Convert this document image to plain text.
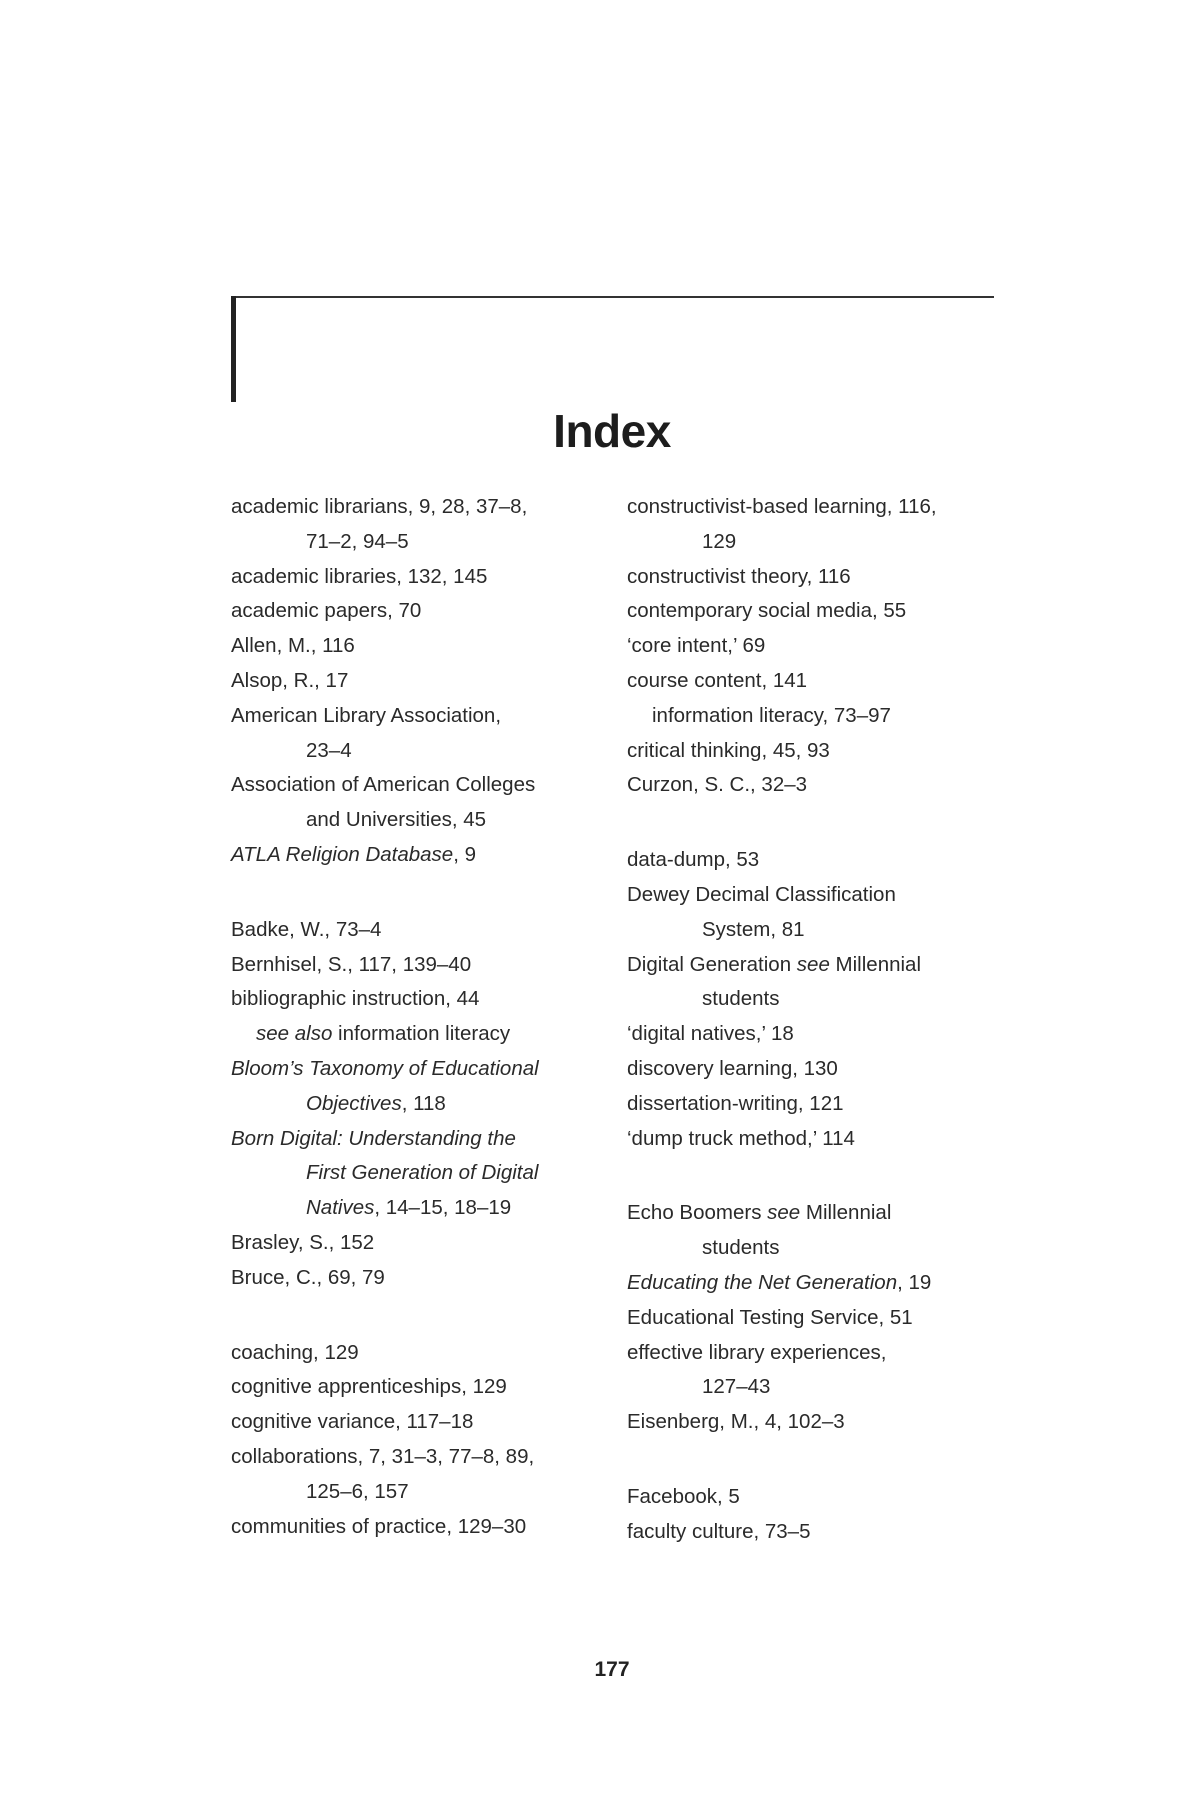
Index
academic librarians, 9, 28, 37–8,
71–2, 94–5
academic libraries, 132, 145
academic papers, 70
Allen, M., 116
Alsop, R., 17
American Library Association,
23–4
Association of American Colleges
and Universities, 45
ATLA Religion Database, 9
Badke, W., 73–4
Bernhisel, S., 117, 139–40
bibliographic instruction, 44
see also information literacy
Bloom’s Taxonomy of Educational
Objectives, 118
Born Digital: Understanding the
First Generation of Digital
Natives, 14–15, 18–19
Brasley, S., 152
Bruce, C., 69, 79
coaching, 129
cognitive apprenticeships, 129
cognitive variance, 117–18
collaborations, 7, 31–3, 77–8, 89,
125–6, 157
communities of practice, 129–30
constructivist-based learning, 116,
129
constructivist theory, 116
contemporary social media, 55
‘core intent,’ 69
course content, 141
information literacy, 73–97
critical thinking, 45, 93
Curzon, S. C., 32–3
data-dump, 53
Dewey Decimal Classification
System, 81
Digital Generation see Millennial
students
‘digital natives,’ 18
discovery learning, 130
dissertation-writing, 121
‘dump truck method,’ 114
Echo Boomers see Millennial
students
Educating the Net Generation, 19
Educational Testing Service, 51
effective library experiences,
127–43
Eisenberg, M., 4, 102–3
Facebook, 5
faculty culture, 73–5
177
